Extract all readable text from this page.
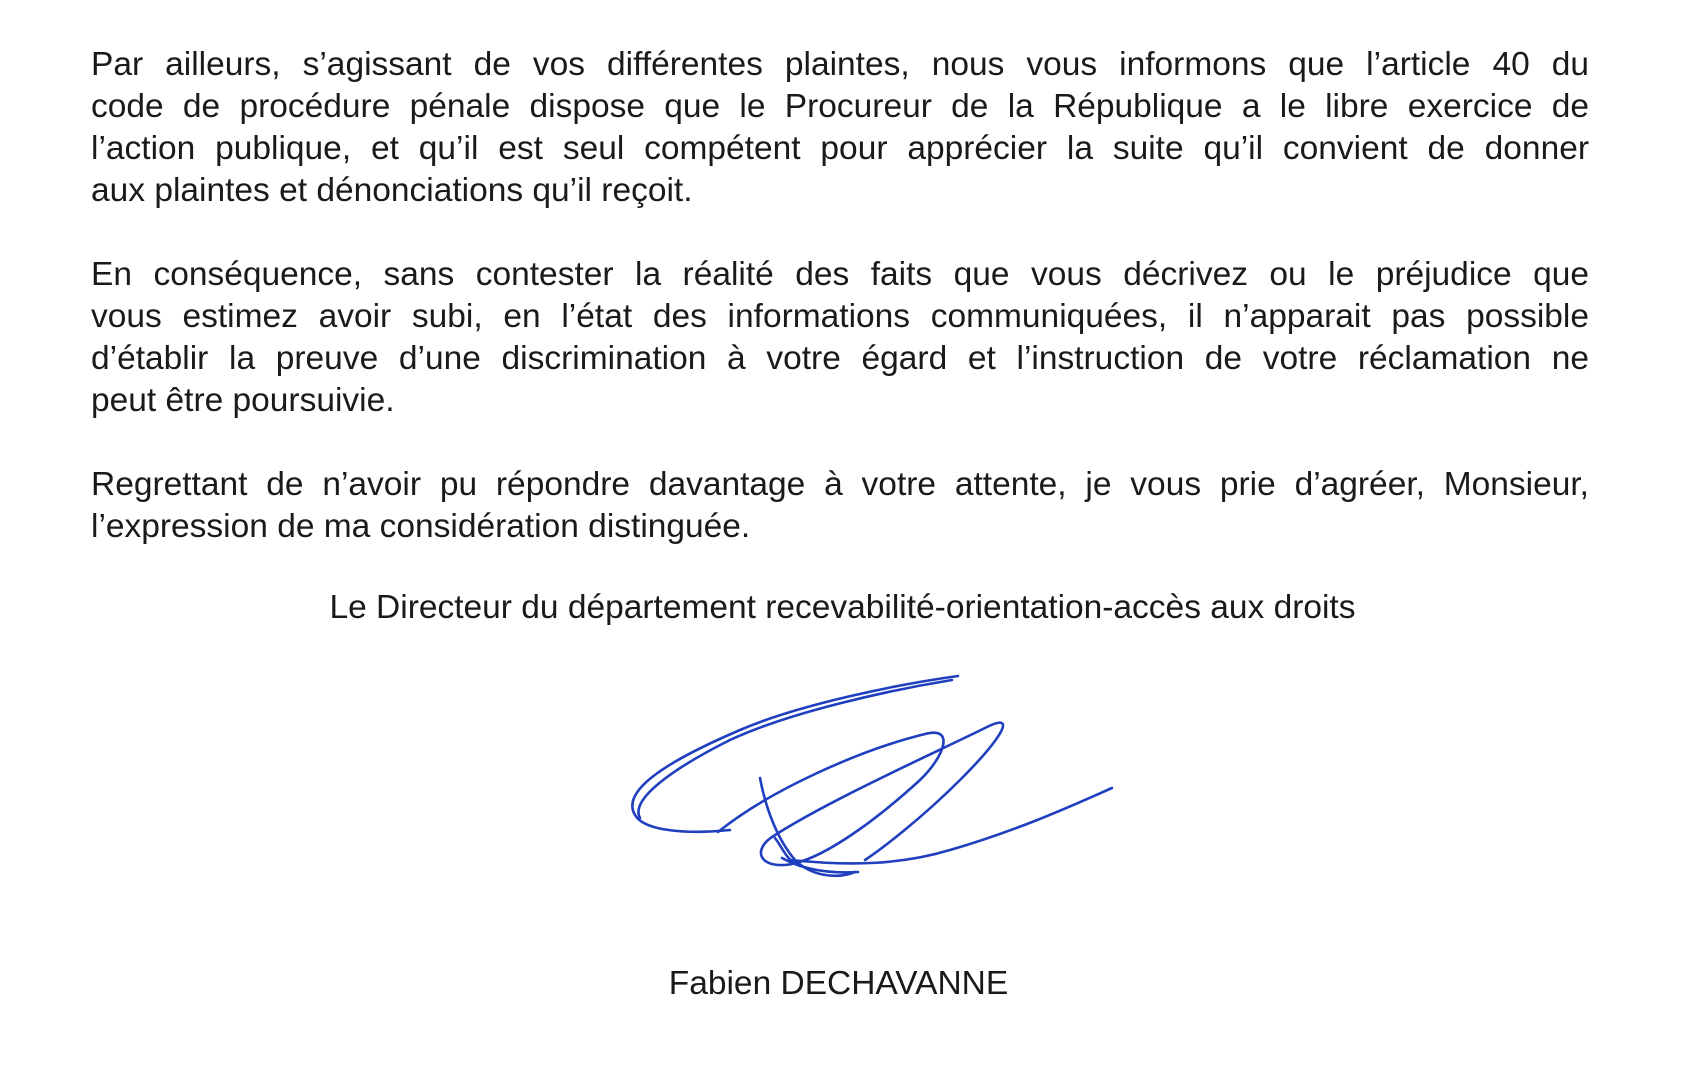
Par ailleurs, s’agissant de vos différentes plaintes, nous vous informons que l’article 40 du
code de procédure pénale dispose que le Procureur de la République a le libre exercice de
l’action publique, et qu’il est seul compétent pour apprécier la suite qu’il convient de donner
aux plaintes et dénonciations qu’il reçoit.
En conséquence, sans contester la réalité des faits que vous décrivez ou le préjudice que
vous estimez avoir subi, en l’état des informations communiquées, il n’apparait pas possible
d’établir la preuve d’une discrimination à votre égard et l’instruction de votre réclamation ne
peut être poursuivie.
Regrettant de n’avoir pu répondre davantage à votre attente, je vous prie d’agréer, Monsieur,
l’expression de ma considération distinguée.
Le Directeur du département recevabilité-orientation-accès aux droits
Fabien DECHAVANNE
